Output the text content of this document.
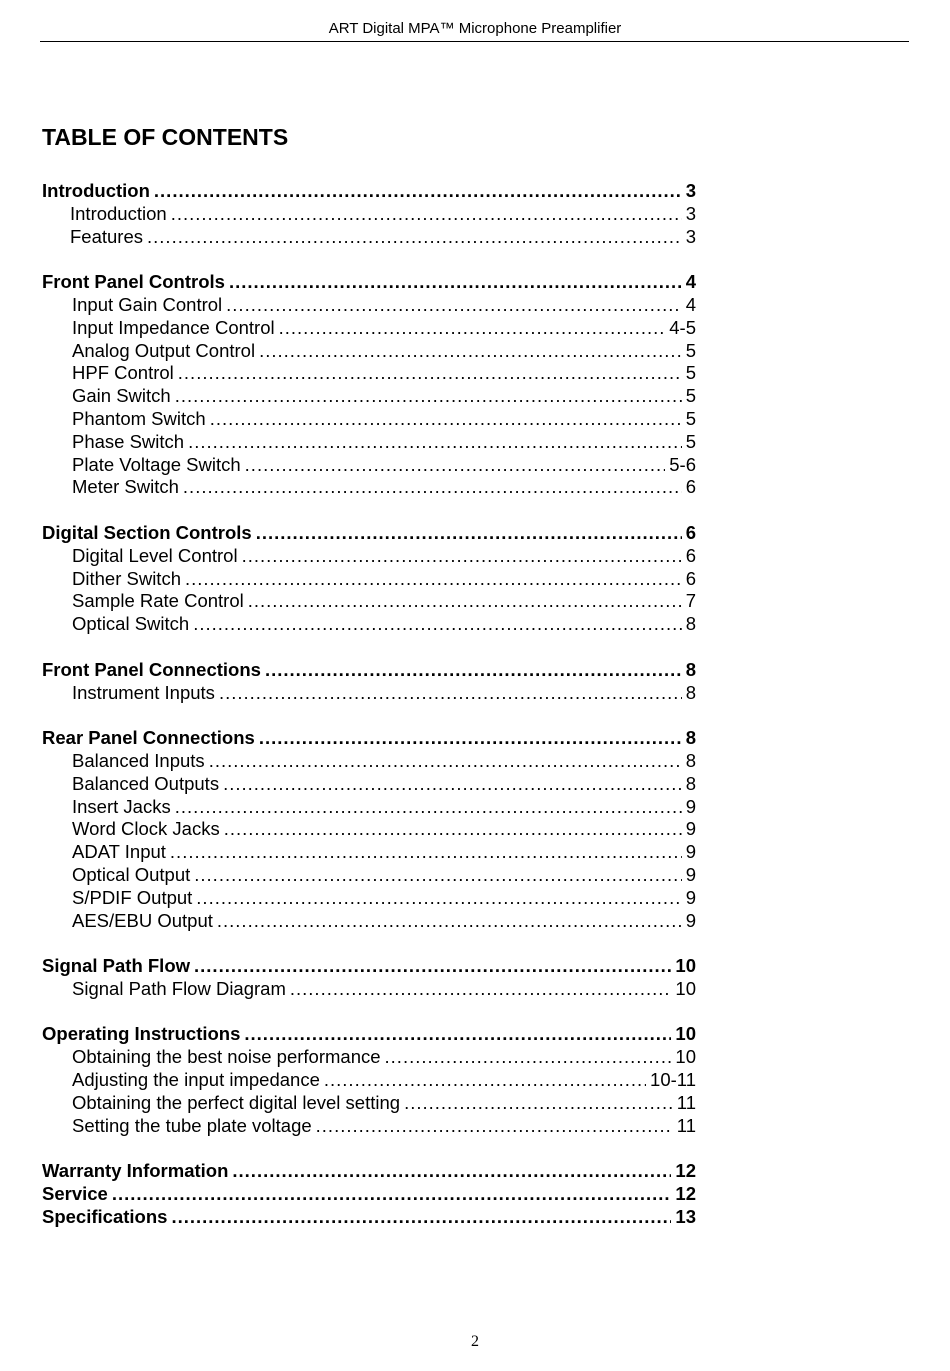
ART Digital MPA™ Microphone Preamplifier
TABLE OF CONTENTS
Introduction .....	3
Introduction .....	3
Features .....	3
Front Panel Controls .....	4
Input Gain Control .....	4
Input Impedance Control .....	4-5
Analog Output Control .....	5
HPF Control .....	5
Gain Switch .....	5
Phantom Switch .....	5
Phase Switch .....	5
Plate Voltage Switch .....	5-6
Meter Switch .....	6
Digital Section Controls .....	6
Digital Level Control .....	6
Dither Switch .....	6
Sample Rate Control .....	7
Optical Switch .....	8
Front Panel Connections .....	8
Instrument Inputs .....	8
Rear Panel Connections .....	8
Balanced Inputs .....	8
Balanced Outputs .....	8
Insert Jacks .....	9
Word Clock Jacks .....	9
ADAT Input .....	9
Optical Output .....	9
S/PDIF Output .....	9
AES/EBU Output .....	9
Signal Path Flow .....	10
Signal Path Flow Diagram .....	10
Operating Instructions .....	10
Obtaining the best noise performance .....	10
Adjusting the input impedance .....	10-11
Obtaining the perfect digital level setting .....	11
Setting the tube plate voltage .....	11
Warranty Information .....	12
Service .....	12
Specifications .....	13
2
